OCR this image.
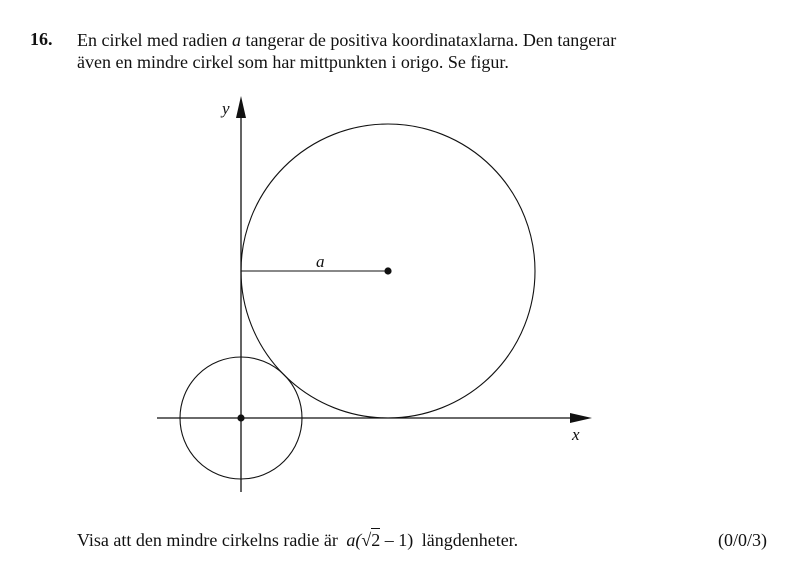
16. En cirkel med radien a tangerar de positiva koordinataxlarna. Den tangerar
även en mindre cirkel som har mittpunkten i origo. Se figur.
y
x
a
Visa att den mindre cirkelns radie är a(√2 – 1) längdenheter.	(0/0/3)
